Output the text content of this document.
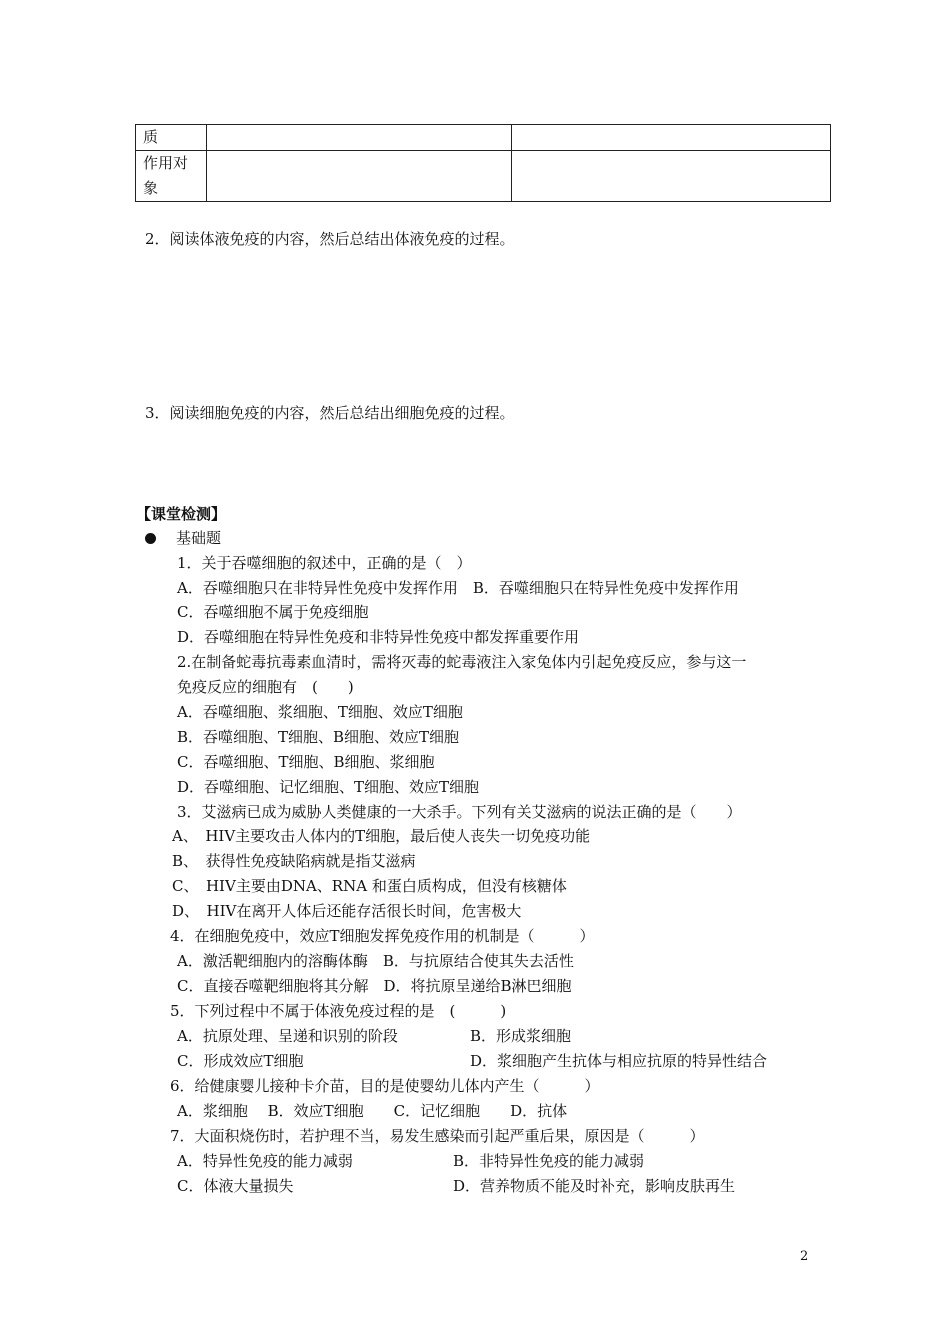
质		
作用对象		
2．阅读体液免疫的内容，然后总结出体液免疫的过程。
3．阅读细胞免疫的内容，然后总结出细胞免疫的过程。
【课堂检测】
基础题
1．关于吞噬细胞的叙述中，正确的是（　）
A．吞噬细胞只在非特异性免疫中发挥作用　B．吞噬细胞只在特异性免疫中发挥作用
C．吞噬细胞不属于免疫细胞
D．吞噬细胞在特异性免疫和非特异性免疫中都发挥重要作用
2.在制备蛇毒抗毒素血清时，需将灭毒的蛇毒液注入家兔体内引起免疫反应，参与这一
免疫反应的细胞有　(　　)
A．吞噬细胞、浆细胞、T细胞、效应T细胞
B．吞噬细胞、T细胞、B细胞、效应T细胞
C．吞噬细胞、T细胞、B细胞、浆细胞
D．吞噬细胞、记忆细胞、T细胞、效应T细胞
3．艾滋病已成为威胁人类健康的一大杀手。下列有关艾滋病的说法正确的是（　　）
A、　HIV主要攻击人体内的T细胞，最后使人丧失一切免疫功能
B、　获得性免疫缺陷病就是指艾滋病
C、　HIV主要由DNA、RNA 和蛋白质构成，但没有核糖体
D、　HIV在离开人体后还能存活很长时间，危害极大
4．在细胞免疫中，效应T细胞发挥免疫作用的机制是（　　　）
A．激活靶细胞内的溶酶体酶　B．与抗原结合使其失去活性
C．直接吞噬靶细胞将其分解　D．将抗原呈递给B淋巴细胞
5．下列过程中不属于体液免疫过程的是　(　　　)
A．抗原处理、呈递和识别的阶段	B．形成浆细胞
C．形成效应T细胞	D．浆细胞产生抗体与相应抗原的特异性结合
6．给健康婴儿接种卡介苗，目的是使婴幼儿体内产生（　　　）
A．浆细胞　 B．效应T细胞　　C．记忆细胞　　D．抗体
7．大面积烧伤时，若护理不当，易发生感染而引起严重后果，原因是（　　　）
A．特异性免疫的能力减弱	B．非特异性免疫的能力减弱
C．体液大量损失	D．营养物质不能及时补充，影响皮肤再生
2
